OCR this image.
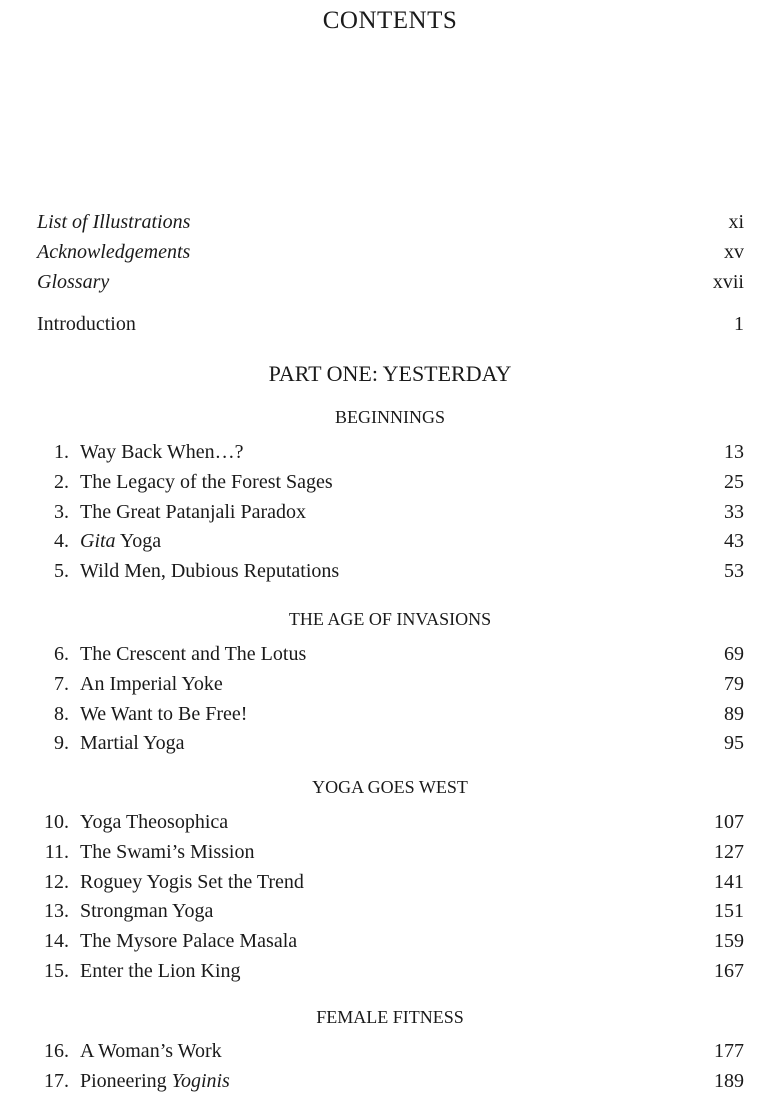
CONTENTS
List of Illustrations	xi
Acknowledgements	xv
Glossary	xvii
Introduction	1
PART ONE: YESTERDAY
BEGINNINGS
1. Way Back When…?	13
2. The Legacy of the Forest Sages	25
3. The Great Patanjali Paradox	33
4. Gita Yoga	43
5. Wild Men, Dubious Reputations	53
THE AGE OF INVASIONS
6. The Crescent and The Lotus	69
7. An Imperial Yoke	79
8. We Want to Be Free!	89
9. Martial Yoga	95
YOGA GOES WEST
10. Yoga Theosophica	107
11. The Swami’s Mission	127
12. Roguey Yogis Set the Trend	141
13. Strongman Yoga	151
14. The Mysore Palace Masala	159
15. Enter the Lion King	167
FEMALE FITNESS
16. A Woman’s Work	177
17. Pioneering Yoginis	189
